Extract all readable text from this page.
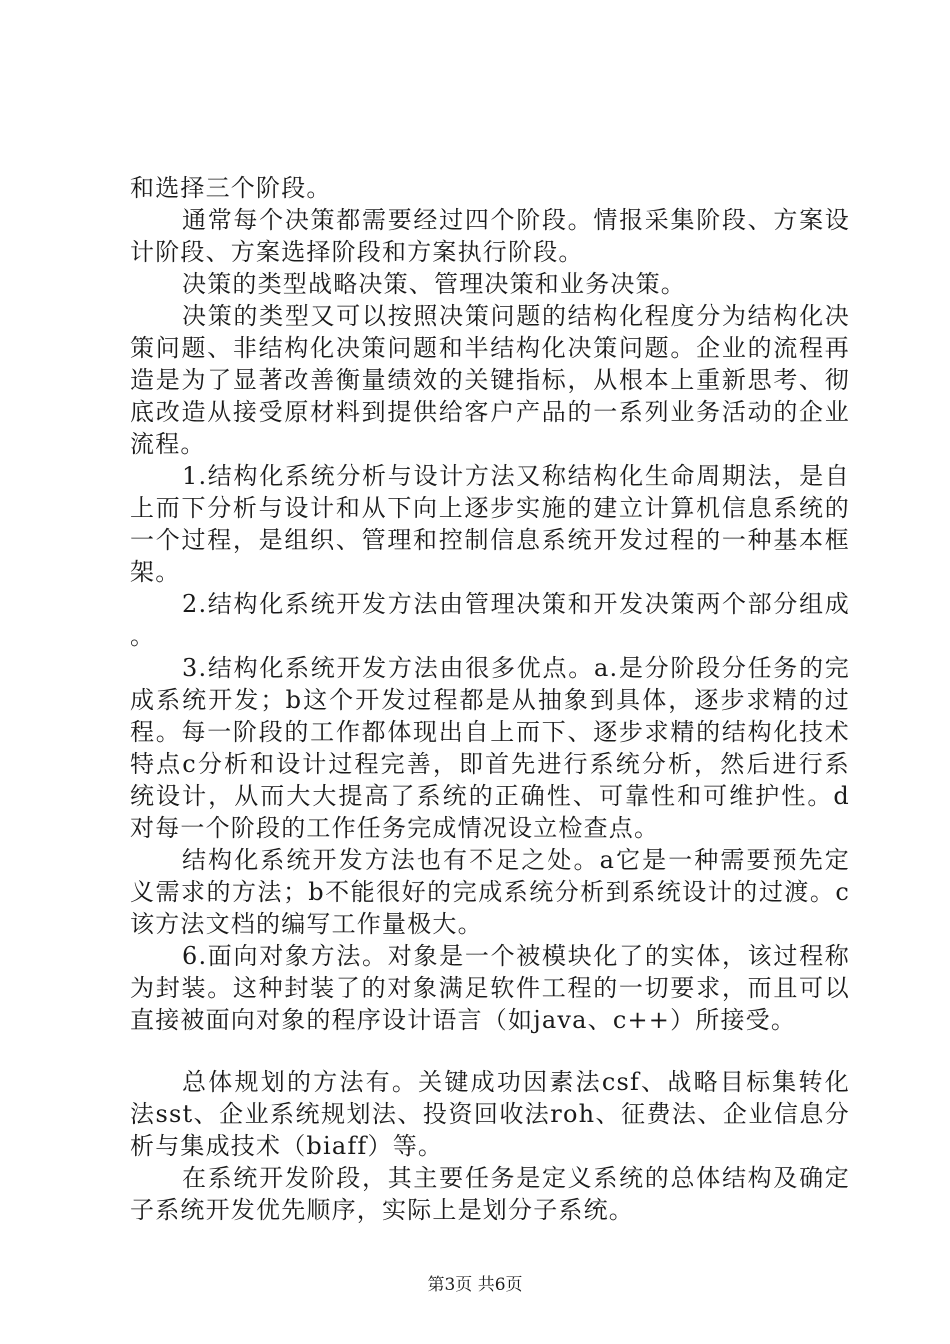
和选择三个阶段。

通常每个决策都需要经过四个阶段。情报采集阶段、方案设计阶段、方案选择阶段和方案执行阶段。

决策的类型战略决策、管理决策和业务决策。

决策的类型又可以按照决策问题的结构化程度分为结构化决策问题、非结构化决策问题和半结构化决策问题。企业的流程再造是为了显著改善衡量绩效的关键指标，从根本上重新思考、彻底改造从接受原材料到提供给客户产品的一系列业务活动的企业流程。

1.结构化系统分析与设计方法又称结构化生命周期法，是自上而下分析与设计和从下向上逐步实施的建立计算机信息系统的一个过程，是组织、管理和控制信息系统开发过程的一种基本框架。

2.结构化系统开发方法由管理决策和开发决策两个部分组成。

3.结构化系统开发方法由很多优点。a.是分阶段分任务的完成系统开发；b这个开发过程都是从抽象到具体，逐步求精的过程。每一阶段的工作都体现出自上而下、逐步求精的结构化技术特点c分析和设计过程完善，即首先进行系统分析，然后进行系统设计，从而大大提高了系统的正确性、可靠性和可维护性。d对每一个阶段的工作任务完成情况设立检查点。

结构化系统开发方法也有不足之处。a它是一种需要预先定义需求的方法；b不能很好的完成系统分析到系统设计的过渡。c该方法文档的编写工作量极大。

6.面向对象方法。对象是一个被模块化了的实体，该过程称为封装。这种封装了的对象满足软件工程的一切要求，而且可以直接被面向对象的程序设计语言（如java、c++）所接受。

总体规划的方法有。关键成功因素法csf、战略目标集转化法sst、企业系统规划法、投资回收法roh、征费法、企业信息分析与集成技术（biaff）等。

在系统开发阶段，其主要任务是定义系统的总体结构及确定子系统开发优先顺序，实际上是划分子系统。

第3页 共6页
